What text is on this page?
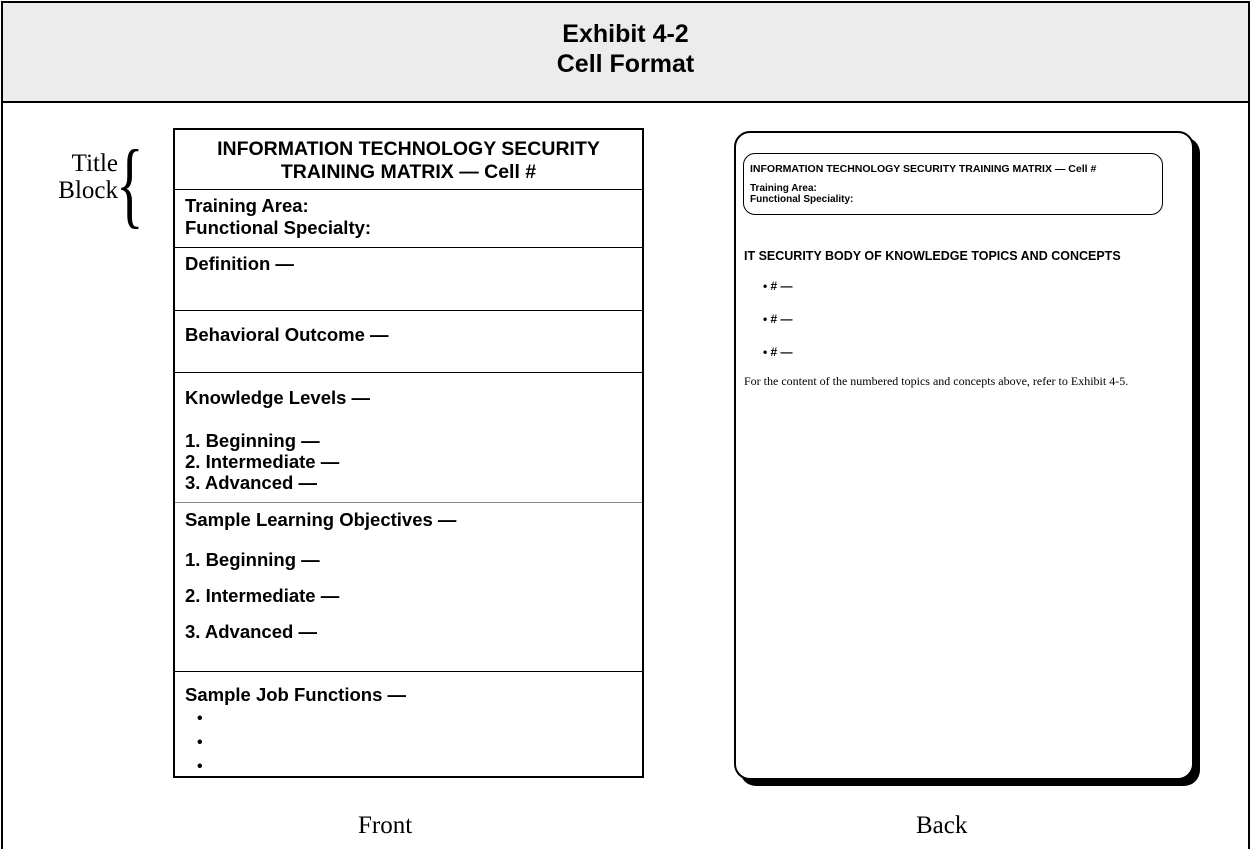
Exhibit 4-2
Cell Format
Title
Block
{	INFORMATION TECHNOLOGY SECURITY
TRAINING MATRIX — Cell #
Training Area:
Functional Specialty:
Definition —
Behavioral Outcome —
Knowledge Levels —
1. Beginning —
2. Intermediate —
3. Advanced —
Sample Learning Objectives —
1. Beginning —
2. Intermediate —
3. Advanced —
Sample Job Functions —
•
•
•
INFORMATION TECHNOLOGY SECURITY TRAINING MATRIX — Cell #
Training Area:
Functional Speciality:
IT SECURITY BODY OF KNOWLEDGE TOPICS AND CONCEPTS
• # —
• # —
• # —
For the content of the numbered topics and concepts above, refer to Exhibit 4-5.
Front	Back
